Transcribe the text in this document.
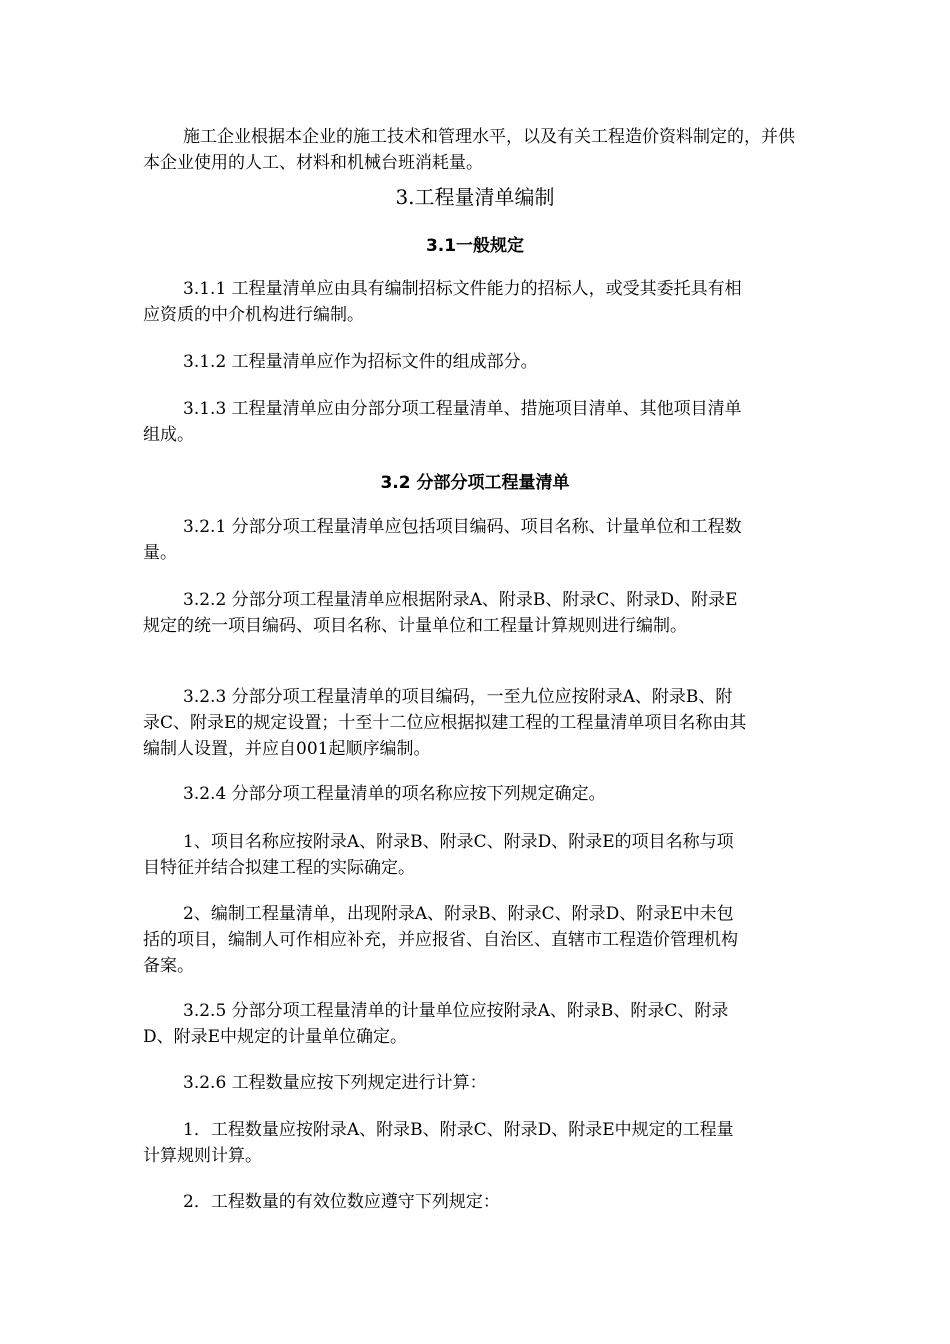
施工企业根据本企业的施工技术和管理水平，以及有关工程造价资料制定的，并供本企业使用的人工、材料和机械台班消耗量。

3.工程量清单编制

3.1一般规定

3.1.1 工程量清单应由具有编制招标文件能力的招标人，或受其委托具有相应资质的中介机构进行编制。

3.1.2 工程量清单应作为招标文件的组成部分。

3.1.3 工程量清单应由分部分项工程量清单、措施项目清单、其他项目清单组成。

3.2 分部分项工程量清单

3.2.1 分部分项工程量清单应包括项目编码、项目名称、计量单位和工程数量。

3.2.2 分部分项工程量清单应根据附录A、附录B、附录C、附录D、附录E规定的统一项目编码、项目名称、计量单位和工程量计算规则进行编制。

3.2.3 分部分项工程量清单的项目编码，一至九位应按附录A、附录B、附录C、附录E的规定设置；十至十二位应根据拟建工程的工程量清单项目名称由其编制人设置，并应自001起顺序编制。

3.2.4 分部分项工程量清单的项名称应按下列规定确定。

1、项目名称应按附录A、附录B、附录C、附录D、附录E的项目名称与项目特征并结合拟建工程的实际确定。

2、编制工程量清单，出现附录A、附录B、附录C、附录D、附录E中未包括的项目，编制人可作相应补充，并应报省、自治区、直辖市工程造价管理机构备案。

3.2.5 分部分项工程量清单的计量单位应按附录A、附录B、附录C、附录D、附录E中规定的计量单位确定。

3.2.6 工程数量应按下列规定进行计算：

1．工程数量应按附录A、附录B、附录C、附录D、附录E中规定的工程量计算规则计算。

2．工程数量的有效位数应遵守下列规定：
